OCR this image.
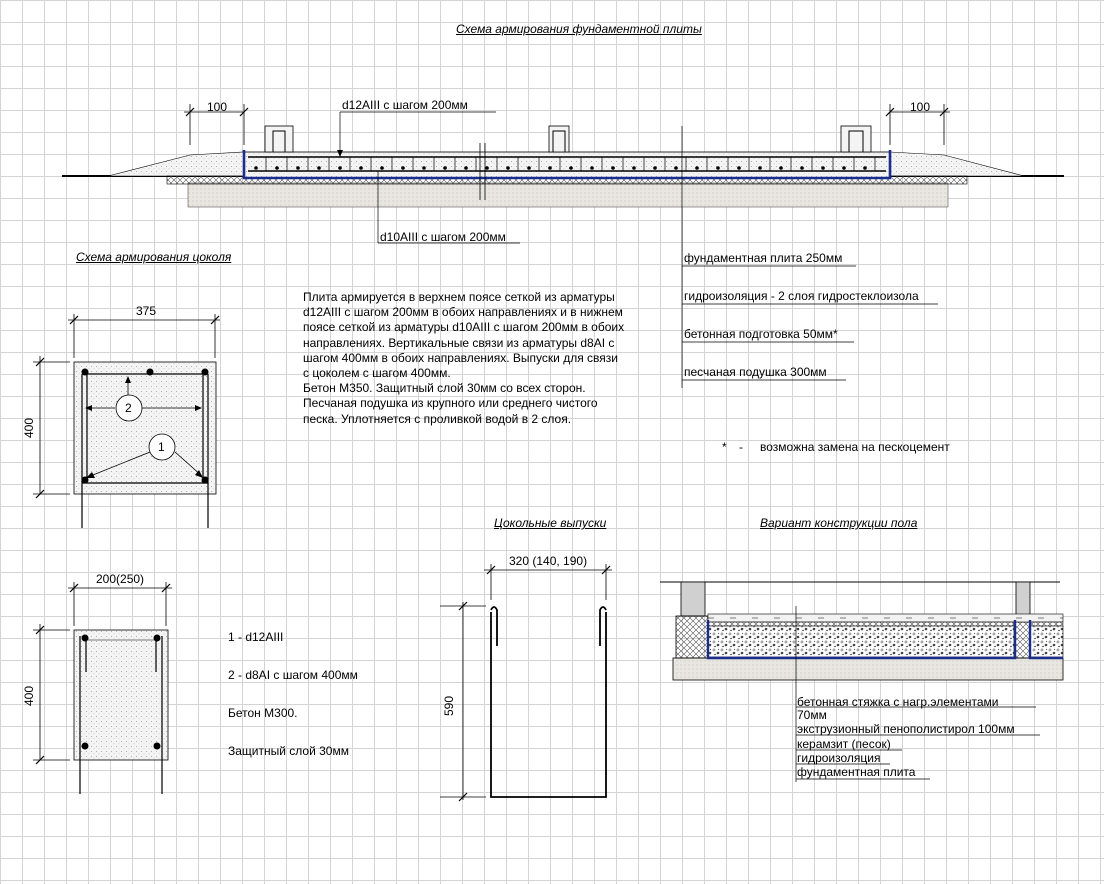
Схема армирования фундаментной плиты
100	100
d12AIII с шагом 200мм
d10AIII с шагом 200мм
фундаментная плита 250мм
гидроизоляция - 2 слоя гидростеклоизола
бетонная подготовка 50мм*
песчаная подушка 300мм
Схема армирования цоколя
Плита армируется в верхнем поясе сеткой из арматуры
d12AIII с шагом 200мм в обоих направлениях и в нижнем
поясе сеткой из арматуры d10AIII с шагом 200мм в обоих
направлениях. Вертикальные связи из арматуры d8AI с
шагом 400мм в обоих направлениях. Выпуски для связи
с цоколем с шагом 400мм.
Бетон М350. Защитный слой 30мм со всех сторон.
Песчаная подушка из крупного или среднего чистого
песка. Уплотняется с проливкой водой в 2 слоя.
* - возможна замена на пескоцемент
375
400
2
1
200(250)
400
1 - d12AIII
2 - d8AI с шагом 400мм
Бетон М300.
Защитный слой 30мм
Цокольные выпуски
320 (140, 190)
590
Вариант конструкции пола
бетонная стяжка с нагр.элементами
70мм
экструзионный пенополистирол 100мм
керамзит (песок)
гидроизоляция
фундаментная плита
